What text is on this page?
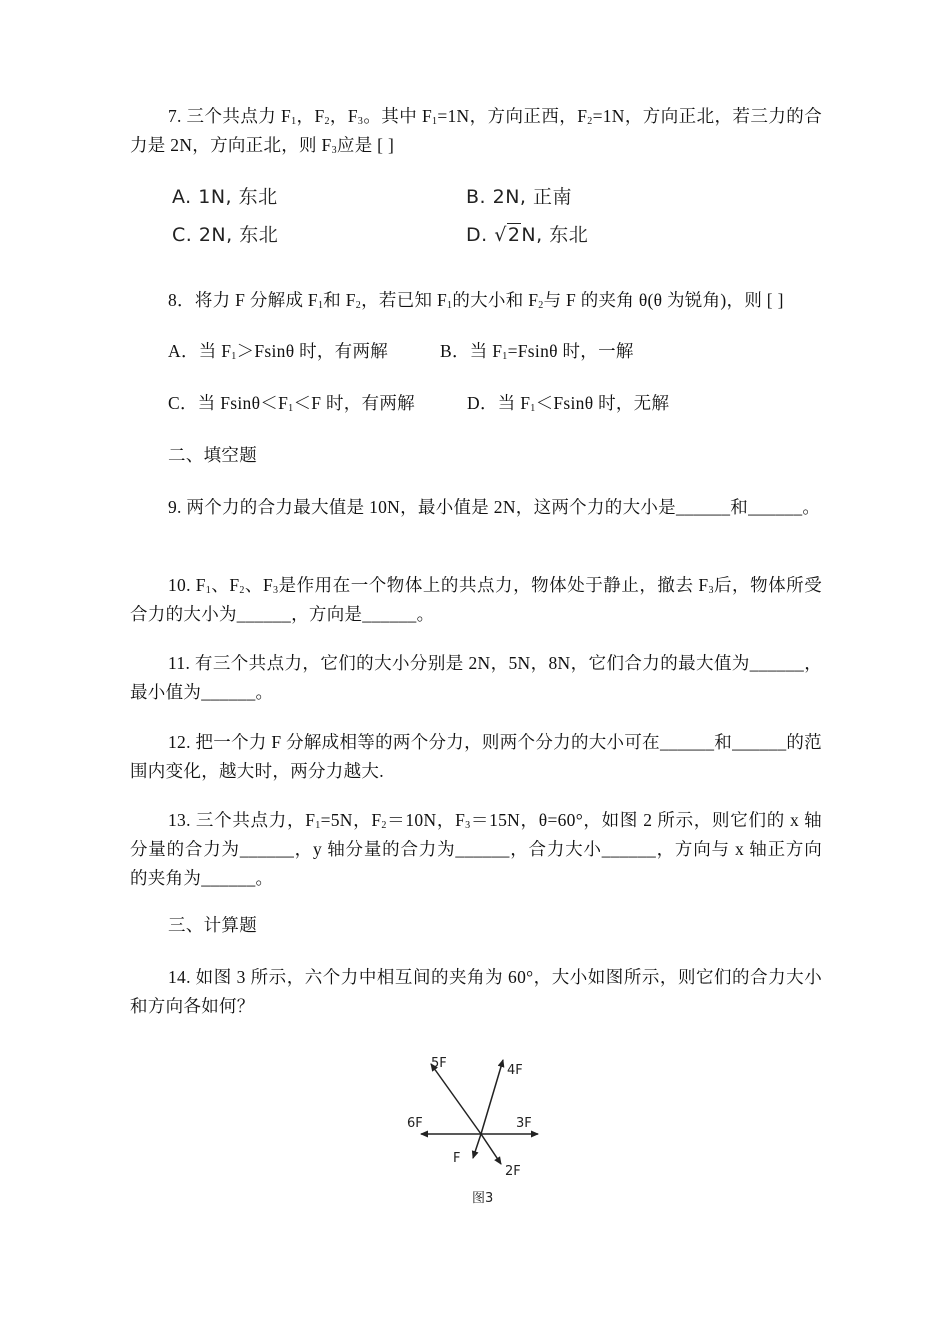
7. 三个共点力 $F_1$，$F_2$，$F_3$。其中 $F_1=1N$，方向正西，$F_2=1N$，方向正北，若三力的合力是 2N，方向正北，则 $F_3$应是 [ ]
A. 1N, 东北	B. 2N, 正南
C. 2N, 东北	D. √2N, 东北
8．将力 F 分解成 $F_1$和 $F_2$，若已知 $F_1$的大小和 $F_2$与 F 的夹角 θ(θ 为锐角)，则 [ ]
A．当 $F_1>Fsin\theta$ 时，有两解	B．当 $F_1=Fsin\theta$ 时，一解
C．当 $Fsin\theta<F_1<F$ 时，有两解	D．当 $F_1<Fsin\theta$ 时，无解
二、填空题
9. 两个力的合力最大值是 10N，最小值是 2N，这两个力的大小是______和______。
10. $F_1$、$F_2$、$F_3$是作用在一个物体上的共点力，物体处于静止，撤去 $F_3$后，物体所受合力的大小为______，方向是______。
11. 有三个共点力，它们的大小分别是 2N，5N，8N，它们合力的最大值为______，最小值为______。
12. 把一个力 F 分解成相等的两个分力，则两个分力的大小可在______和______的范围内变化，越大时，两分力越大.
13. 三个共点力，$F_1=5N$，$F_2=10N$，$F_3=15N$，θ=60°，如图 2 所示，则它们的 x 轴分量的合力为______，y 轴分量的合力为______，合力大小______，方向与 x 轴正方向的夹角为______。
三、计算题
14. 如图 3 所示，六个力中相互间的夹角为 60°，大小如图所示，则它们的合力大小和方向各如何？
5F	4F
6F	3F
F
2F
图3
